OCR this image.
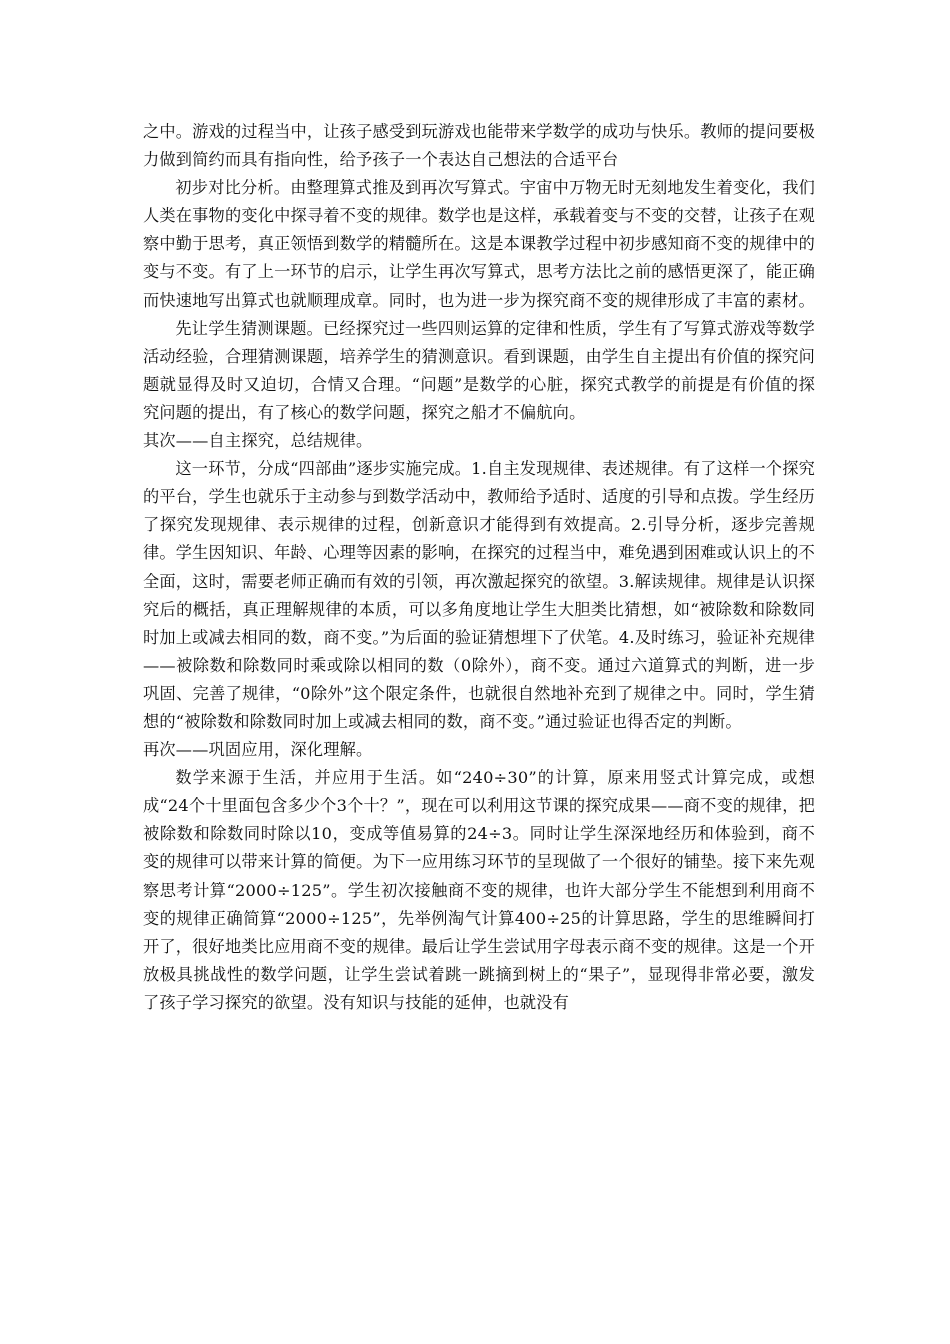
之中。游戏的过程当中，让孩子感受到玩游戏也能带来学数学的成功与快乐。教师的提问要极力做到简约而具有指向性，给予孩子一个表达自己想法的合适平台

初步对比分析。由整理算式推及到再次写算式。宇宙中万物无时无刻地发生着变化，我们人类在事物的变化中探寻着不变的规律。数学也是这样，承载着变与不变的交替，让孩子在观察中勤于思考，真正领悟到数学的精髓所在。这是本课教学过程中初步感知商不变的规律中的变与不变。有了上一环节的启示，让学生再次写算式，思考方法比之前的感悟更深了，能正确而快速地写出算式也就顺理成章。同时，也为进一步为探究商不变的规律形成了丰富的素材。

先让学生猜测课题。已经探究过一些四则运算的定律和性质，学生有了写算式游戏等数学活动经验，合理猜测课题，培养学生的猜测意识。看到课题，由学生自主提出有价值的探究问题就显得及时又迫切，合情又合理。“问题”是数学的心脏，探究式教学的前提是有价值的探究问题的提出，有了核心的数学问题，探究之船才不偏航向。

其次——自主探究，总结规律。

这一环节，分成“四部曲”逐步实施完成。1.自主发现规律、表述规律。有了这样一个探究的平台，学生也就乐于主动参与到数学活动中，教师给予适时、适度的引导和点拨。学生经历了探究发现规律、表示规律的过程，创新意识才能得到有效提高。2.引导分析，逐步完善规律。学生因知识、年龄、心理等因素的影响，在探究的过程当中，难免遇到困难或认识上的不全面，这时，需要老师正确而有效的引领，再次激起探究的欲望。3.解读规律。规律是认识探究后的概括，真正理解规律的本质，可以多角度地让学生大胆类比猜想，如“被除数和除数同时加上或减去相同的数，商不变。”为后面的验证猜想埋下了伏笔。4.及时练习，验证补充规律——被除数和除数同时乘或除以相同的数（0除外），商不变。通过六道算式的判断，进一步巩固、完善了规律，“0除外”这个限定条件，也就很自然地补充到了规律之中。同时，学生猜想的“被除数和除数同时加上或减去相同的数，商不变。”通过验证也得否定的判断。

再次——巩固应用，深化理解。

数学来源于生活，并应用于生活。如“240÷30”的计算，原来用竖式计算完成，或想成“24个十里面包含多少个3个十？”，现在可以利用这节课的探究成果——商不变的规律，把被除数和除数同时除以10，变成等值易算的24÷3。同时让学生深深地经历和体验到，商不变的规律可以带来计算的简便。为下一应用练习环节的呈现做了一个很好的铺垫。接下来先观察思考计算“2000÷125”。学生初次接触商不变的规律，也许大部分学生不能想到利用商不变的规律正确简算“2000÷125”，先举例淘气计算400÷25的计算思路，学生的思维瞬间打开了，很好地类比应用商不变的规律。最后让学生尝试用字母表示商不变的规律。这是一个开放极具挑战性的数学问题，让学生尝试着跳一跳摘到树上的“果子”，显现得非常必要，激发了孩子学习探究的欲望。没有知识与技能的延伸，也就没有
